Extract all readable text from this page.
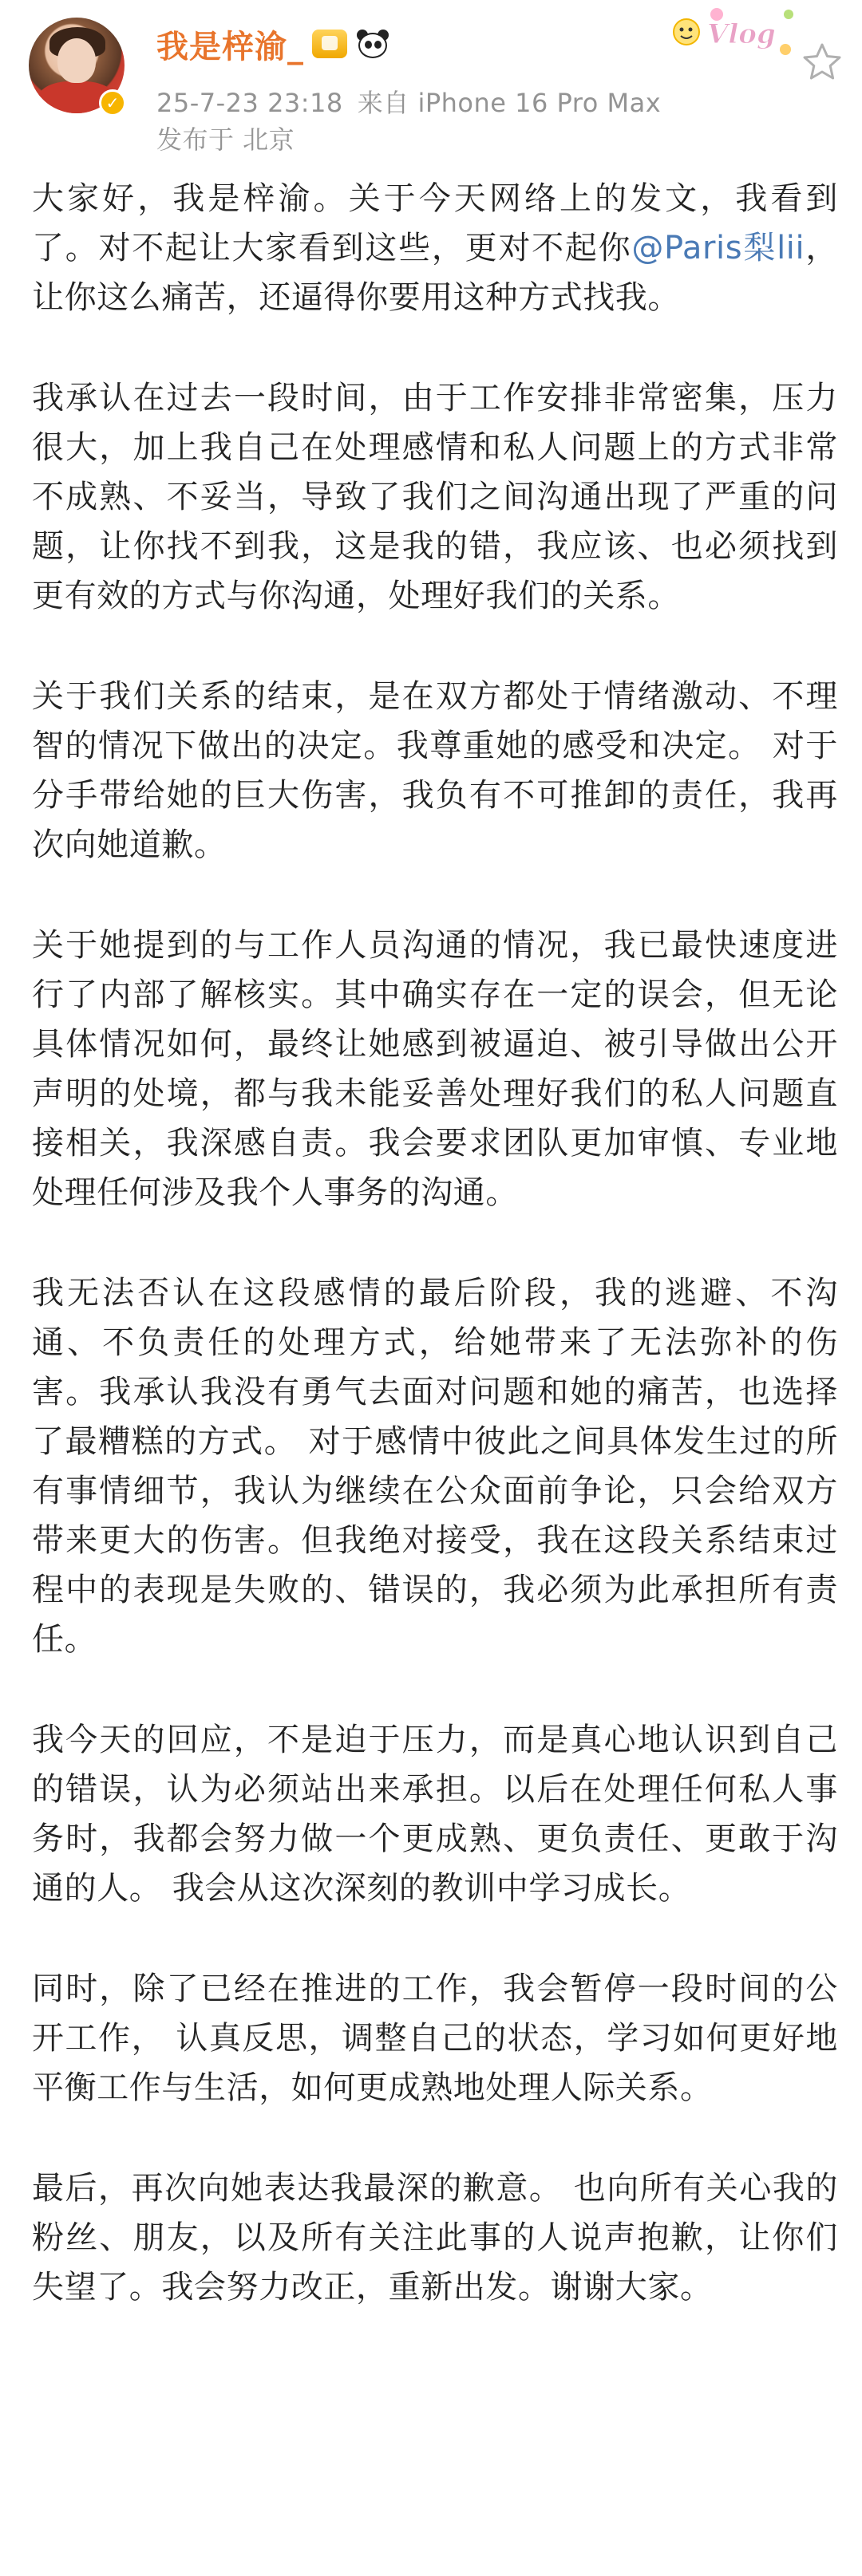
✓
我是梓渝_
25-7-23 23:18 来自 iPhone 16 Pro Max
发布于 北京
Vlog

大家好，我是梓渝。关于今天网络上的发文，我看到了。对不起让大家看到这些，更对不起你@Paris梨lii，让你这么痛苦，还逼得你要用这种方式找我。

我承认在过去一段时间，由于工作安排非常密集，压力很大，加上我自己在处理感情和私人问题上的方式非常不成熟、不妥当，导致了我们之间沟通出现了严重的问题，让你找不到我，这是我的错，我应该、也必须找到更有效的方式与你沟通，处理好我们的关系。

关于我们关系的结束，是在双方都处于情绪激动、不理智的情况下做出的决定。我尊重她的感受和决定。 对于分手带给她的巨大伤害，我负有不可推卸的责任，我再次向她道歉。

关于她提到的与工作人员沟通的情况，我已最快速度进行了内部了解核实。其中确实存在一定的误会，但无论具体情况如何，最终让她感到被逼迫、被引导做出公开声明的处境，都与我未能妥善处理好我们的私人问题直接相关，我深感自责。我会要求团队更加审慎、专业地处理任何涉及我个人事务的沟通。

我无法否认在这段感情的最后阶段，我的逃避、不沟通、不负责任的处理方式，给她带来了无法弥补的伤害。我承认我没有勇气去面对问题和她的痛苦，也选择了最糟糕的方式。 对于感情中彼此之间具体发生过的所有事情细节，我认为继续在公众面前争论，只会给双方带来更大的伤害。但我绝对接受，我在这段关系结束过程中的表现是失败的、错误的，我必须为此承担所有责任。

我今天的回应，不是迫于压力，而是真心地认识到自己的错误，认为必须站出来承担。以后在处理任何私人事务时，我都会努力做一个更成熟、更负责任、更敢于沟通的人。 我会从这次深刻的教训中学习成长。

同时，除了已经在推进的工作，我会暂停一段时间的公开工作， 认真反思，调整自己的状态，学习如何更好地平衡工作与生活，如何更成熟地处理人际关系。

最后，再次向她表达我最深的歉意。 也向所有关心我的粉丝、朋友，以及所有关注此事的人说声抱歉，让你们失望了。我会努力改正，重新出发。谢谢大家。
